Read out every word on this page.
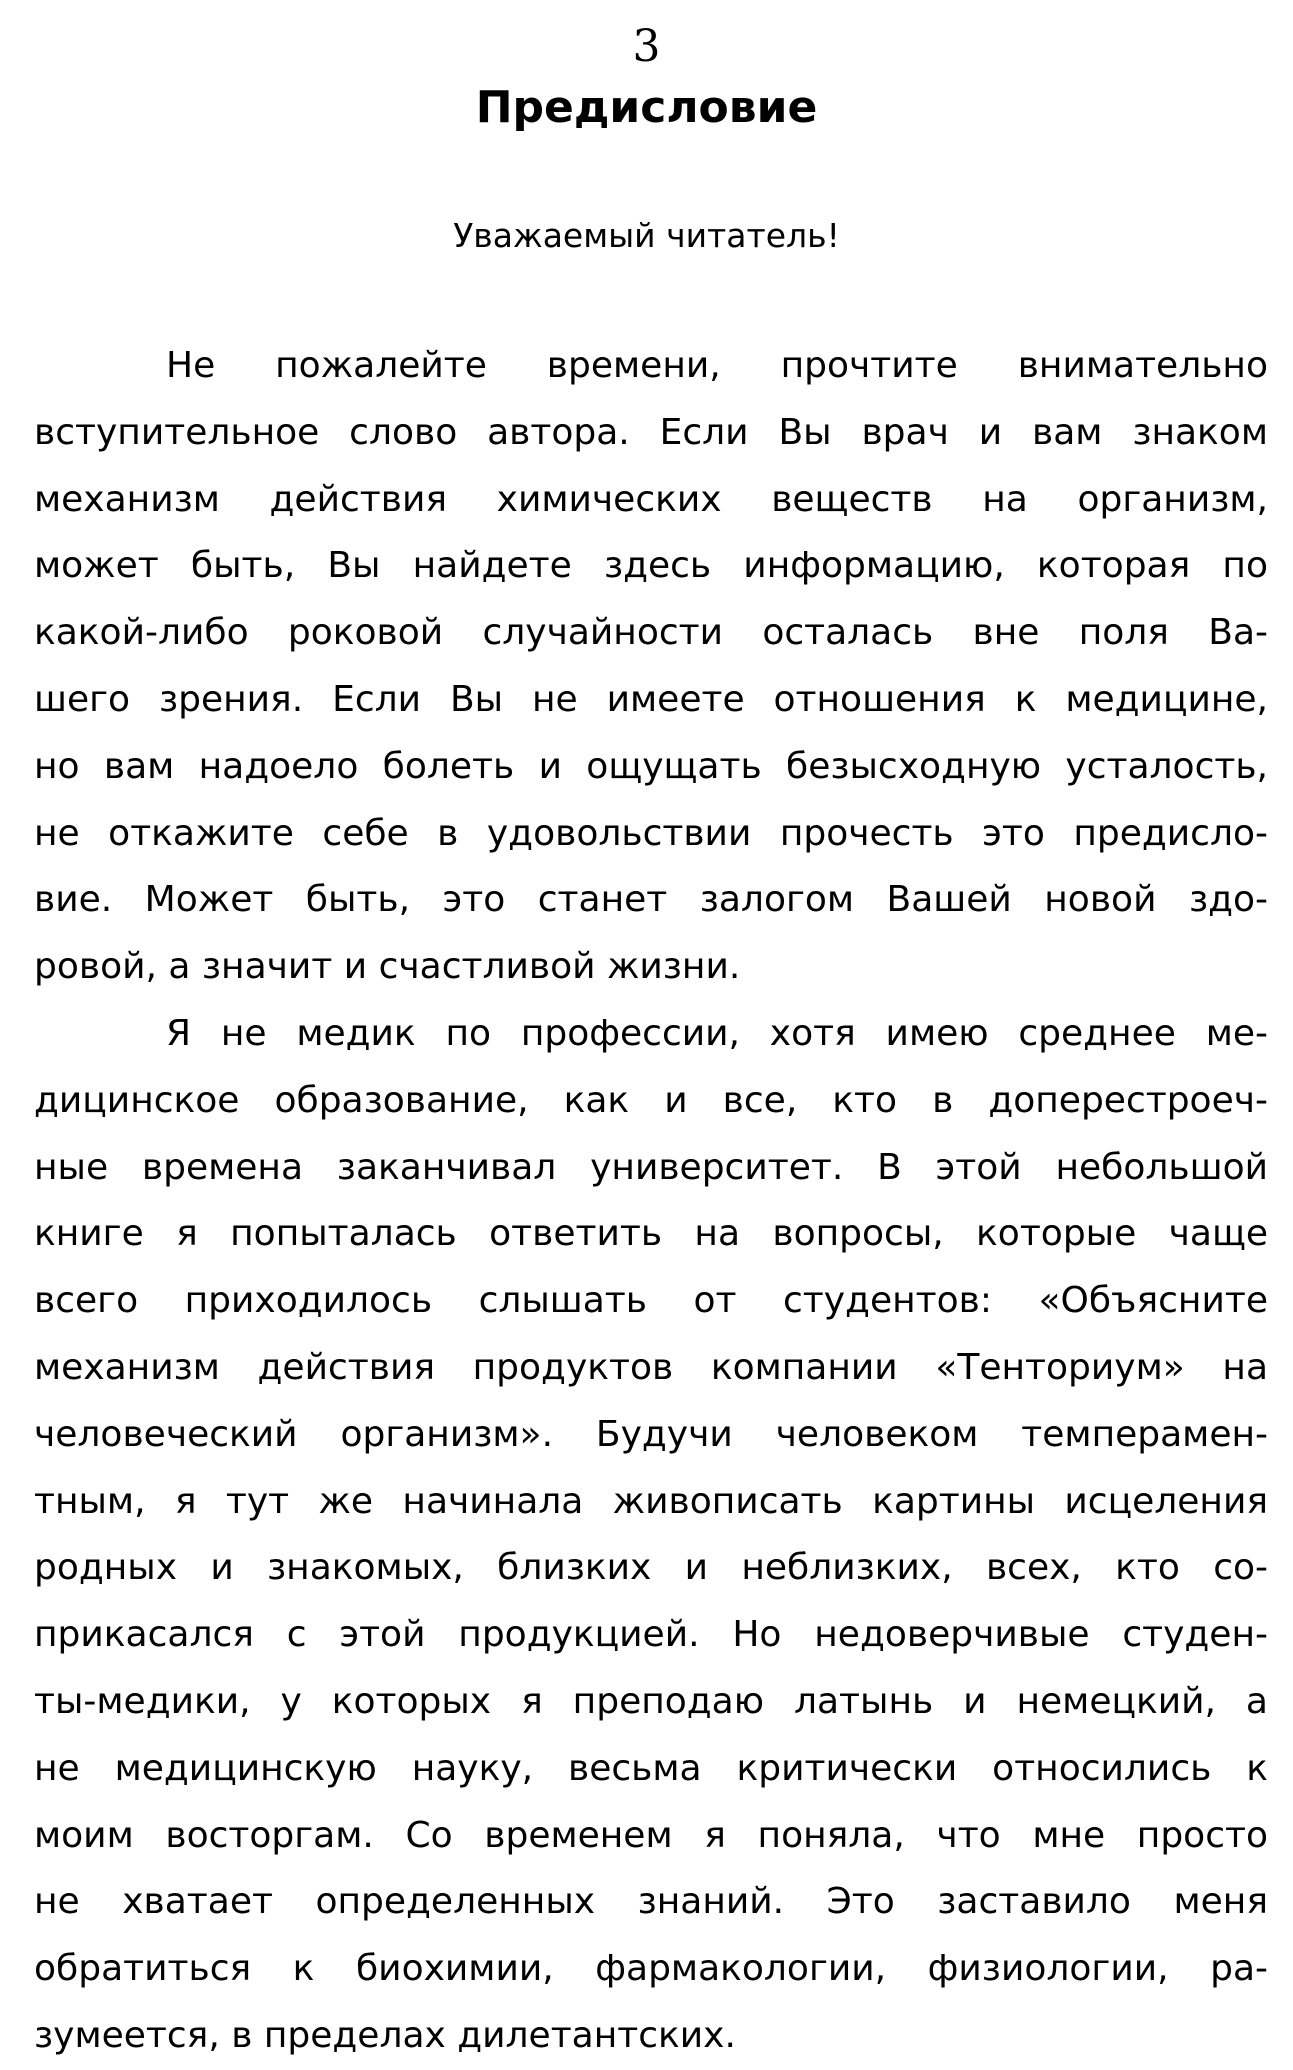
3
Предисловие
Уважаемый читатель!
Не пожалейте времени, прочтите внимательно
вступительное слово автора. Если Вы врач и вам знаком
механизм действия химических веществ на организм,
может быть, Вы найдете здесь информацию, которая по
какой-либо роковой случайности осталась вне поля Ва-
шего зрения. Если Вы не имеете отношения к медицине,
но вам надоело болеть и ощущать безысходную усталость,
не откажите себе в удовольствии прочесть это предисло-
вие. Может быть, это станет залогом Вашей новой здо-
ровой, а значит и счастливой жизни.
Я не медик по профессии, хотя имею среднее ме-
дицинское образование, как и все, кто в доперестроеч-
ные времена заканчивал университет. В этой небольшой
книге я попыталась ответить на вопросы, которые чаще
всего приходилось слышать от студентов: «Объясните
механизм действия продуктов компании «Тенториум» на
человеческий организм». Будучи человеком темперамен-
тным, я тут же начинала живописать картины исцеления
родных и знакомых, близких и неблизких, всех, кто со-
прикасался с этой продукцией. Но недоверчивые студен-
ты-медики, у которых я преподаю латынь и немецкий, а
не медицинскую науку, весьма критически относились к
моим восторгам. Со временем я поняла, что мне просто
не хватает определенных знаний. Это заставило меня
обратиться к биохимии, фармакологии, физиологии, ра-
зумеется, в пределах дилетантских.
